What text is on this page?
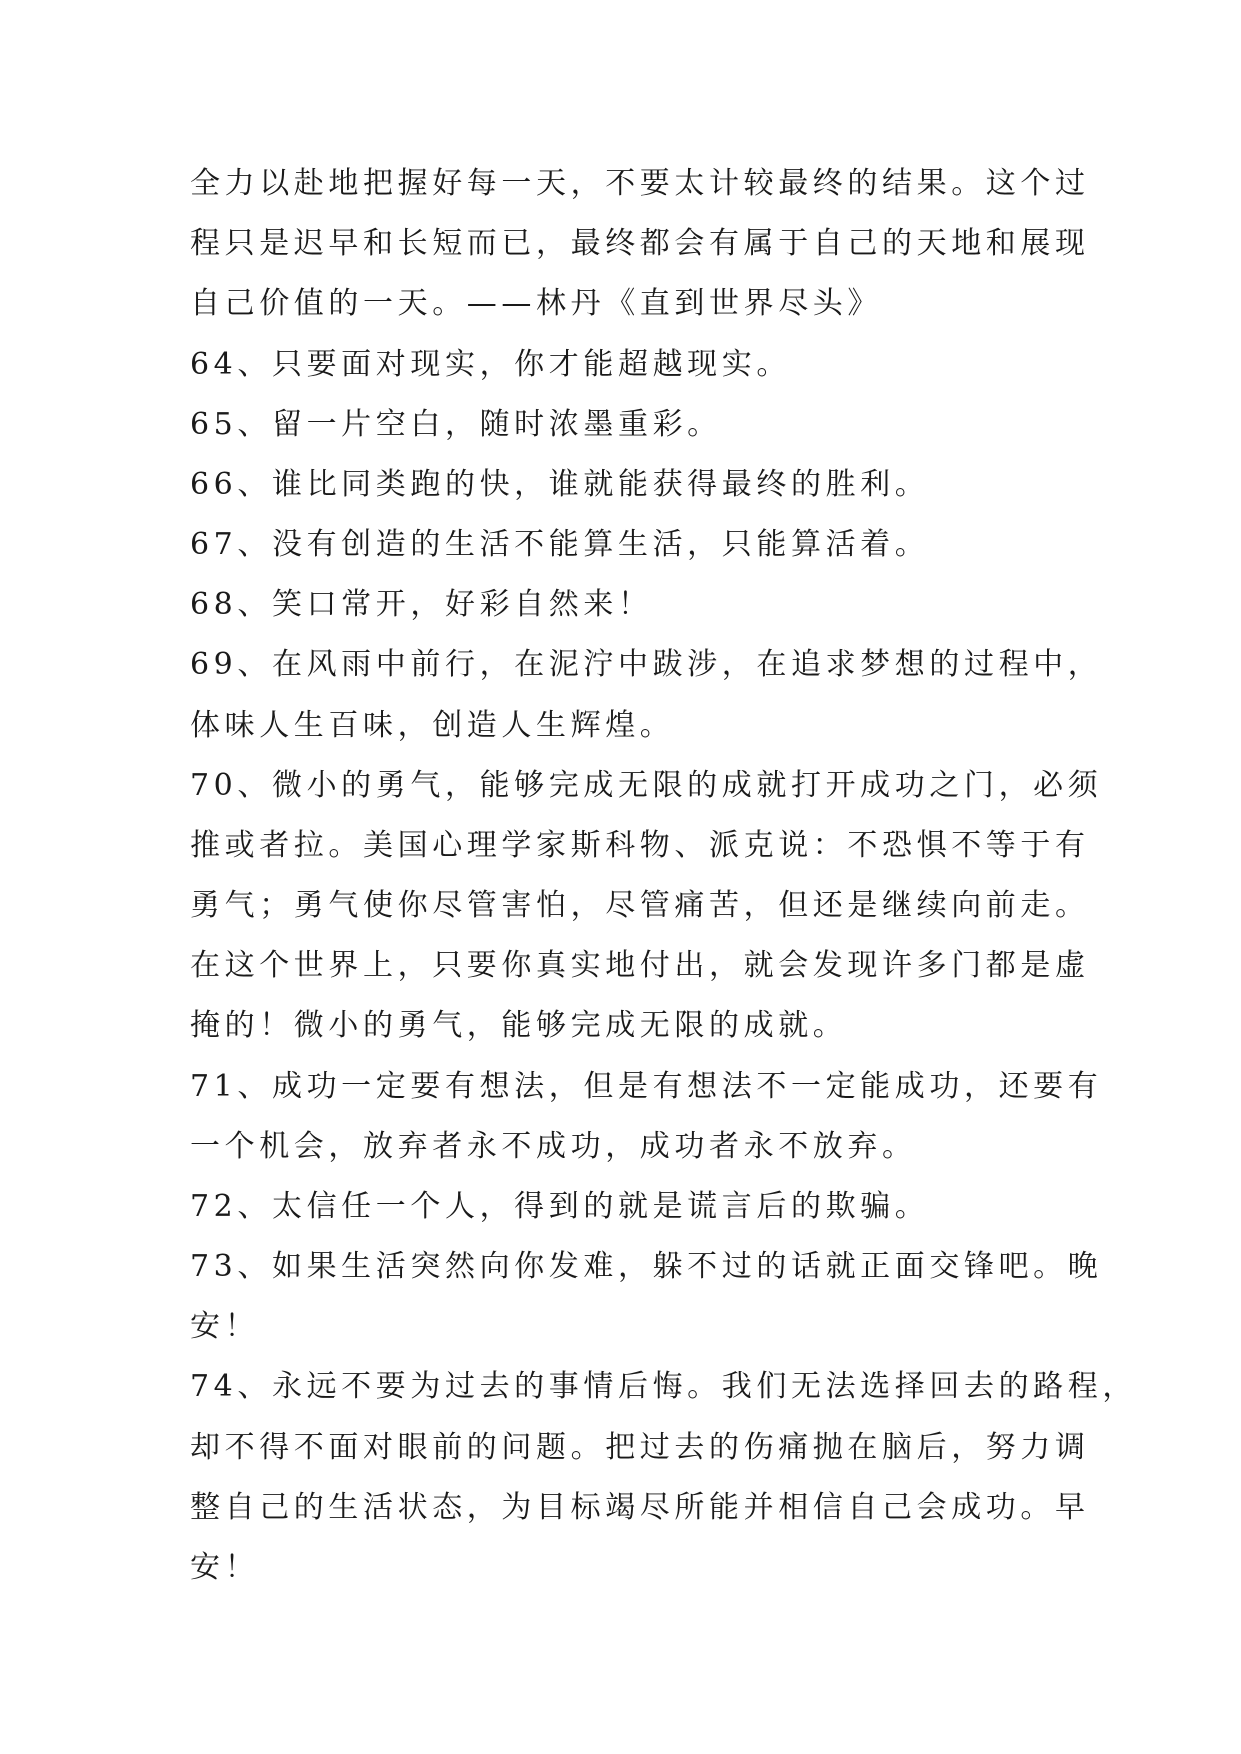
全力以赴地把握好每一天，不要太计较最终的结果。这个过
程只是迟早和长短而已，最终都会有属于自己的天地和展现
自己价值的一天。——林丹《直到世界尽头》
64、只要面对现实，你才能超越现实。
65、留一片空白，随时浓墨重彩。
66、谁比同类跑的快，谁就能获得最终的胜利。
67、没有创造的生活不能算生活，只能算活着。
68、笑口常开，好彩自然来！
69、在风雨中前行，在泥泞中跋涉，在追求梦想的过程中，
体味人生百味，创造人生辉煌。
70、微小的勇气，能够完成无限的成就打开成功之门，必须
推或者拉。美国心理学家斯科物、派克说：不恐惧不等于有
勇气；勇气使你尽管害怕，尽管痛苦，但还是继续向前走。
在这个世界上，只要你真实地付出，就会发现许多门都是虚
掩的！微小的勇气，能够完成无限的成就。
71、成功一定要有想法，但是有想法不一定能成功，还要有
一个机会，放弃者永不成功，成功者永不放弃。
72、太信任一个人，得到的就是谎言后的欺骗。
73、如果生活突然向你发难，躲不过的话就正面交锋吧。晚
安！
74、永远不要为过去的事情后悔。我们无法选择回去的路程，
却不得不面对眼前的问题。把过去的伤痛抛在脑后，努力调
整自己的生活状态，为目标竭尽所能并相信自己会成功。早
安！
